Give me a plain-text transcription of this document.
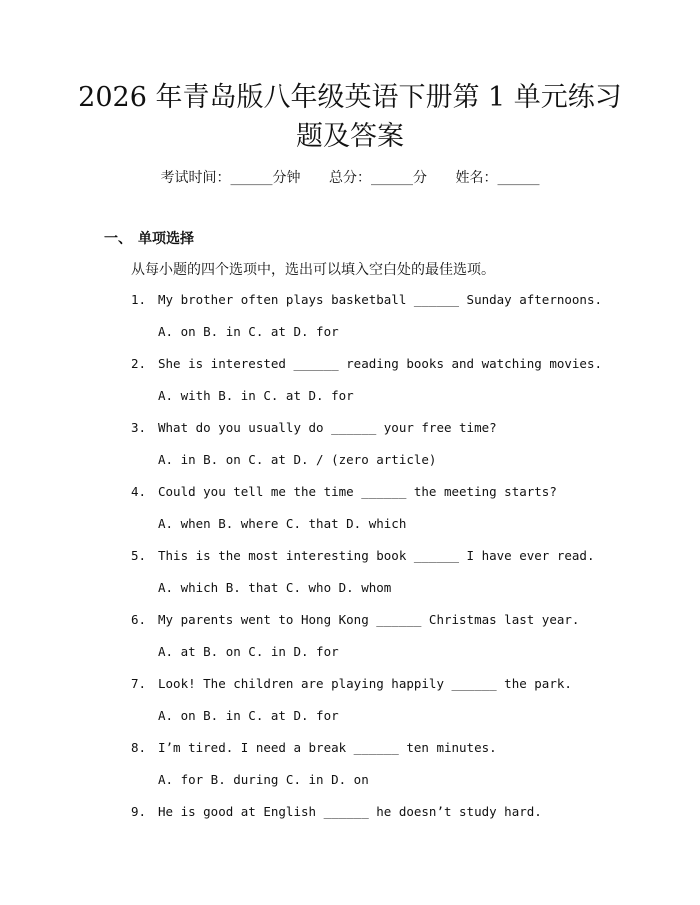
2026 年青岛版八年级英语下册第 1 单元练习
题及答案
考试时间：______分钟 总分：______分 姓名：______
一、 单项选择
从每小题的四个选项中，选出可以填入空白处的最佳选项。
1. My brother often plays basketball ______ Sunday afternoons.
A. on B. in C. at D. for
2. She is interested ______ reading books and watching movies.
A. with B. in C. at D. for
3. What do you usually do ______ your free time?
A. in B. on C. at D. / (zero article)
4. Could you tell me the time ______ the meeting starts?
A. when B. where C. that D. which
5. This is the most interesting book ______ I have ever read.
A. which B. that C. who D. whom
6. My parents went to Hong Kong ______ Christmas last year.
A. at B. on C. in D. for
7. Look! The children are playing happily ______ the park.
A. on B. in C. at D. for
8. I’m tired. I need a break ______ ten minutes.
A. for B. during C. in D. on
9. He is good at English ______ he doesn’t study hard.
